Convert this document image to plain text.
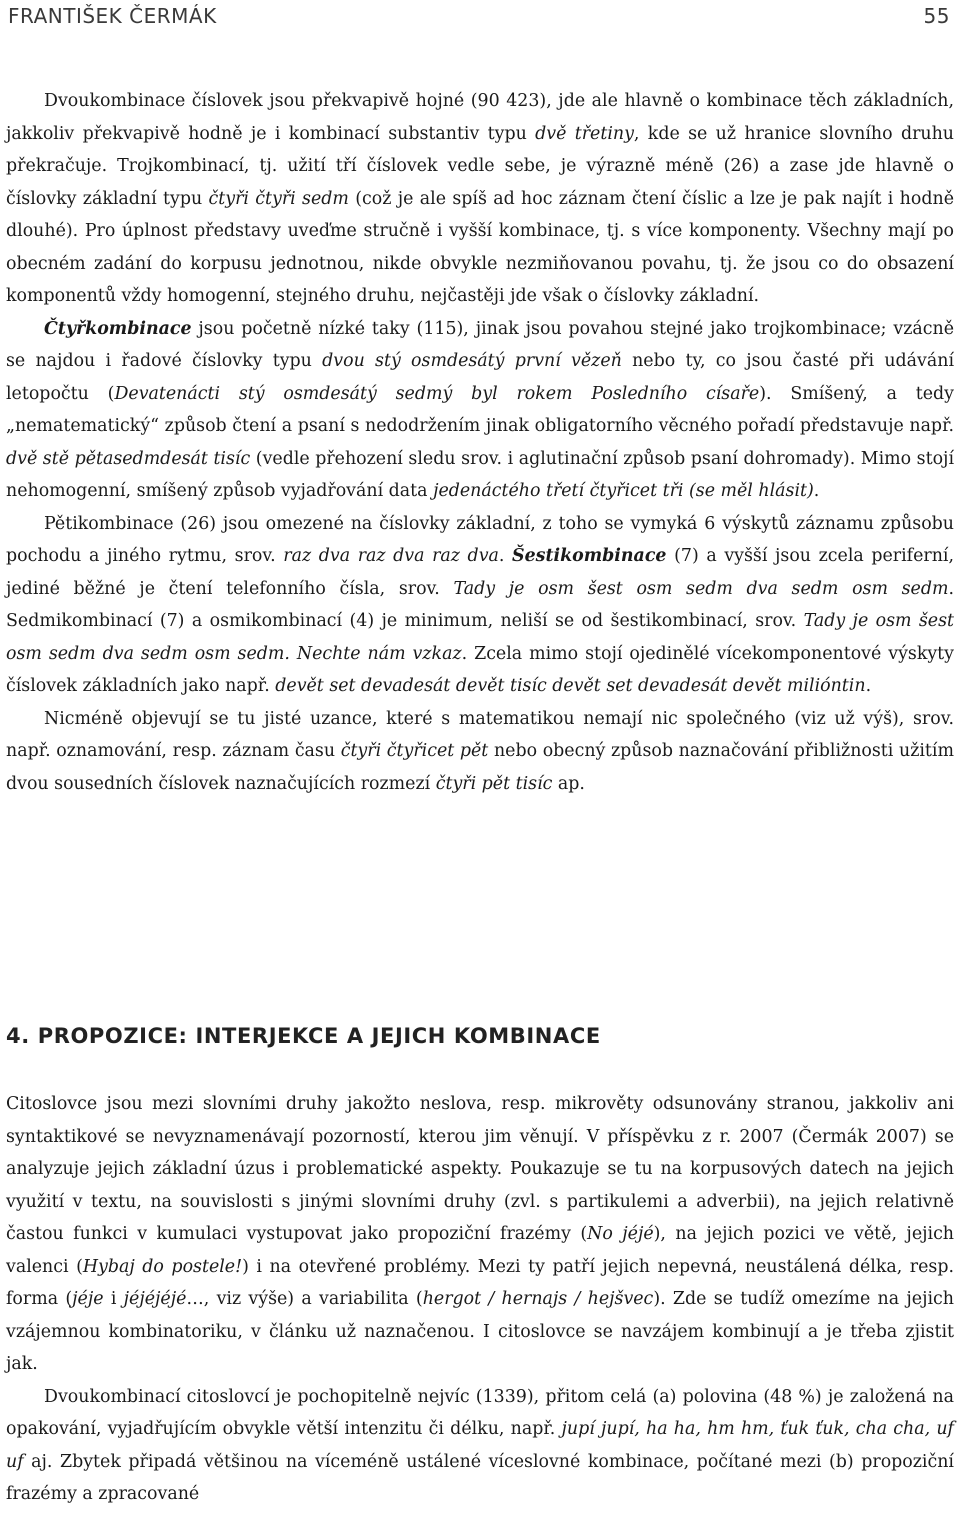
FRANTIŠEK ČERMÁK	55

Dvoukombinace číslovek jsou překvapivě hojné (90 423), jde ale hlavně o kombinace těch základních, jakkoliv překvapivě hodně je i kombinací substantiv typu dvě třetiny, kde se už hranice slovního druhu překračuje. Trojkombinací, tj. užití tří číslovek vedle sebe, je výrazně méně (26) a zase jde hlavně o číslovky základní typu čtyři čtyři sedm (což je ale spíš ad hoc záznam čtení číslic a lze je pak najít i hodně dlouhé). Pro úplnost představy uveďme stručně i vyšší kombinace, tj. s více komponenty. Všechny mají po obecném zadání do korpusu jednotnou, nikde obvykle nezmiňovanou povahu, tj. že jsou co do obsazení komponentů vždy homogenní, stejného druhu, nejčastěji jde však o číslovky základní.

Čtyřkombinace jsou početně nízké taky (115), jinak jsou povahou stejné jako trojkombinace; vzácně se najdou i řadové číslovky typu dvou stý osmdesátý první vězeň nebo ty, co jsou časté při udávání letopočtu (Devatenácti stý osmdesátý sedmý byl rokem Posledního císaře). Smíšený, a tedy „nematematický“ způsob čtení a psaní s nedodržením jinak obligatorního věcného pořadí představuje např. dvě stě pětasedmdesát tisíc (vedle přehození sledu srov. i aglutinační způsob psaní dohromady). Mimo stojí nehomogenní, smíšený způsob vyjadřování data jedenáctého třetí čtyřicet tři (se měl hlásit).

Pětikombinace (26) jsou omezené na číslovky základní, z toho se vymyká 6 výskytů záznamu způsobu pochodu a jiného rytmu, srov. raz dva raz dva raz dva. Šestikombinace (7) a vyšší jsou zcela periferní, jediné běžné je čtení telefonního čísla, srov. Tady je osm šest osm sedm dva sedm osm sedm. Sedmikombinací (7) a osmikombinací (4) je minimum, neliší se od šestikombinací, srov. Tady je osm šest osm sedm dva sedm osm sedm. Nechte nám vzkaz. Zcela mimo stojí ojedinělé vícekomponentové výskyty číslovek základních jako např. devět set devadesát devět tisíc devět set devadesát devět milióntin.

Nicméně objevují se tu jisté uzance, které s matematikou nemají nic společného (viz už výš), srov. např. oznamování, resp. záznam času čtyři čtyřicet pět nebo obecný způsob naznačování přibližnosti užitím dvou sousedních číslovek naznačujících rozmezí čtyři pět tisíc ap.

4. PROPOZICE: INTERJEKCE A JEJICH KOMBINACE

Citoslovce jsou mezi slovními druhy jakožto neslova, resp. mikrověty odsunovány stranou, jakkoliv ani syntaktikové se nevyznamenávají pozorností, kterou jim věnují. V příspěvku z r. 2007 (Čermák 2007) se analyzuje jejich základní úzus i problematické aspekty. Poukazuje se tu na korpusových datech na jejich využití v textu, na souvislosti s jinými slovními druhy (zvl. s partikulemi a adverbii), na jejich relativně častou funkci v kumulaci vystupovat jako propoziční frazémy (No jéjé), na jejich pozici ve větě, jejich valenci (Hybaj do postele!) i na otevřené problémy. Mezi ty patří jejich nepevná, neustálená délka, resp. forma (jéje i jéjéjéjé…, viz výše) a variabilita (hergot / hernajs / hejšvec). Zde se tudíž omezíme na jejich vzájemnou kombinatoriku, v článku už naznačenou. I citoslovce se navzájem kombinují a je třeba zjistit jak.

Dvoukombinací citoslovcí je pochopitelně nejvíc (1339), přitom celá (a) polovina (48 %) je založená na opakování, vyjadřujícím obvykle větší intenzitu či délku, např. jupí jupí, ha ha, hm hm, ťuk ťuk, cha cha, uf uf aj. Zbytek připadá většinou na víceméně ustálené víceslovné kombinace, počítané mezi (b) propoziční frazémy a zpracované
